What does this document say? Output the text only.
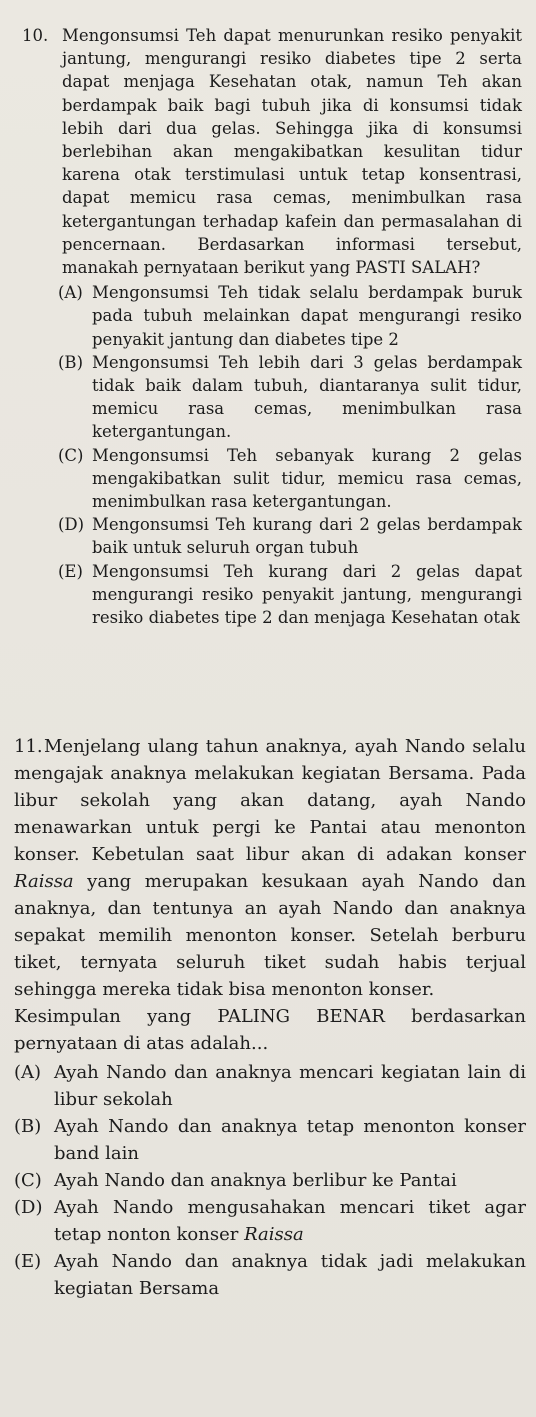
10. Mengonsumsi Teh dapat menurunkan resiko penyakit jantung, mengurangi resiko diabetes tipe 2 serta dapat menjaga Kesehatan otak, namun Teh akan berdampak baik bagi tubuh jika di konsumsi tidak lebih dari dua gelas. Sehingga jika di konsumsi berlebihan akan mengakibatkan kesulitan tidur karena otak terstimulasi untuk tetap konsentrasi, dapat memicu rasa cemas, menimbulkan rasa ketergantungan terhadap kafein dan permasalahan di pencernaan. Berdasarkan informasi tersebut, manakah pernyataan berikut yang PASTI SALAH?
(A) Mengonsumsi Teh tidak selalu berdampak buruk pada tubuh melainkan dapat mengurangi resiko penyakit jantung dan diabetes tipe 2
(B) Mengonsumsi Teh lebih dari 3 gelas berdampak tidak baik dalam tubuh, diantaranya sulit tidur, memicu rasa cemas, menimbulkan rasa ketergantungan.
(C) Mengonsumsi Teh sebanyak kurang 2 gelas mengakibatkan sulit tidur, memicu rasa cemas, menimbulkan rasa ketergantungan.
(D) Mengonsumsi Teh kurang dari 2 gelas berdampak baik untuk seluruh organ tubuh
(E) Mengonsumsi Teh kurang dari 2 gelas dapat mengurangi resiko penyakit jantung, mengurangi resiko diabetes tipe 2 dan menjaga Kesehatan otak
11.Menjelang ulang tahun anaknya, ayah Nando selalu mengajak anaknya melakukan kegiatan Bersama. Pada libur sekolah yang akan datang, ayah Nando menawarkan untuk pergi ke Pantai atau menonton konser. Kebetulan saat libur akan di adakan konser Raissa yang merupakan kesukaan ayah Nando dan anaknya, dan tentunya an ayah Nando dan anaknya sepakat memilih menonton konser. Setelah berburu tiket, ternyata seluruh tiket sudah habis terjual sehingga mereka tidak bisa menonton konser.
Kesimpulan yang PALING BENAR berdasarkan pernyataan di atas adalah...
(A) Ayah Nando dan anaknya mencari kegiatan lain di libur sekolah
(B) Ayah Nando dan anaknya tetap menonton konser band lain
(C) Ayah Nando dan anaknya berlibur ke Pantai
(D) Ayah Nando mengusahakan mencari tiket agar tetap nonton konser Raissa
(E) Ayah Nando dan anaknya tidak jadi melakukan kegiatan Bersama
